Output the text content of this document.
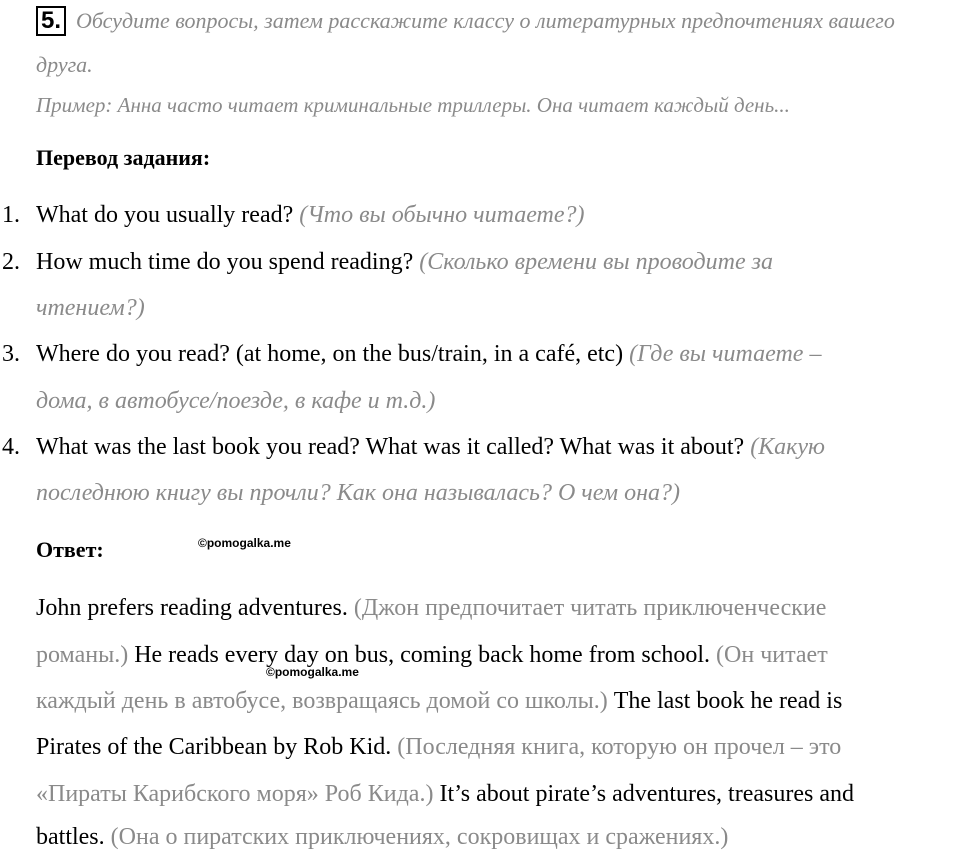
5. Обсудите вопросы, затем расскажите классу о литературных предпочтениях вашего
друга.
Пример: Анна часто читает криминальные триллеры. Она читает каждый день...
Перевод задания:
1. What do you usually read? (Что вы обычно читаете?)
2. How much time do you spend reading? (Сколько времени вы проводите за
чтением?)
3. Where do you read? (at home, on the bus/train, in a café, etc) (Где вы читаете –
дома, в автобусе/поезде, в кафе и т.д.)
4. What was the last book you read? What was it called? What was it about? (Какую
последнюю книгу вы прочли? Как она называлась? О чем она?)
Ответ:	©pomogalka.me
John prefers reading adventures. (Джон предпочитает читать приключенческие
романы.) He reads every day on bus, coming back home from school. (Он читает
©pomogalka.me
каждый день в автобусе, возвращаясь домой со школы.) The last book he read is
Pirates of the Caribbean by Rob Kid. (Последняя книга, которую он прочел – это
«Пираты Карибского моря» Роб Кида.) It’s about pirate’s adventures, treasures and
battles. (Она о пиратских приключениях, сокровищах и сражениях.)
